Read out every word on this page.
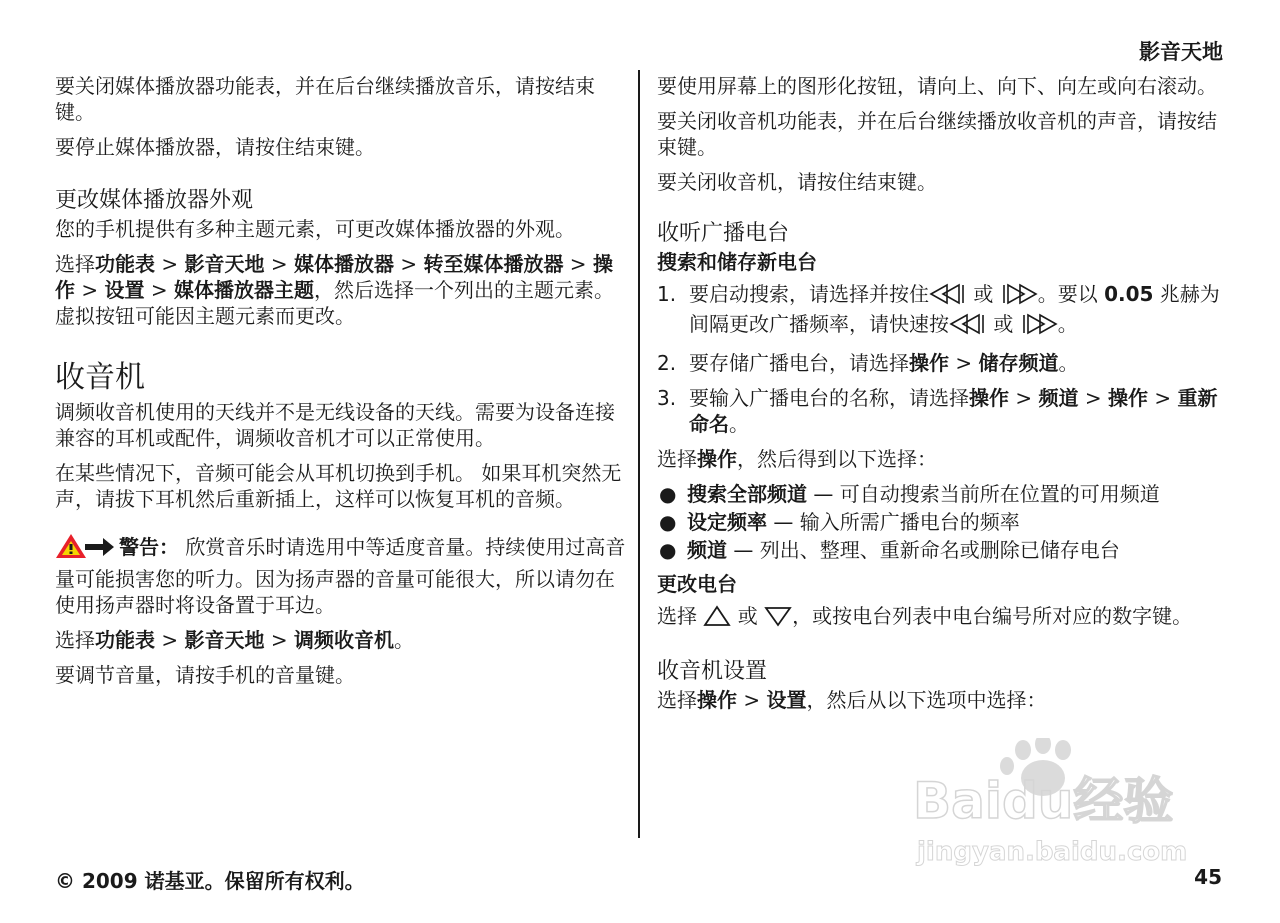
影音天地

要关闭媒体播放器功能表，并在后台继续播放音乐，请按结束键。

要停止媒体播放器，请按住结束键。

更改媒体播放器外观

您的手机提供有多种主题元素，可更改媒体播放器的外观。

选择功能表 > 影音天地 > 媒体播放器 > 转至媒体播放器 > 操作 > 设置 > 媒体播放器主题，然后选择一个列出的主题元素。虚拟按钮可能因主题元素而更改。

收音机

调频收音机使用的天线并不是无线设备的天线。需要为设备连接兼容的耳机或配件，调频收音机才可以正常使用。

在某些情况下，音频可能会从耳机切换到手机。 如果耳机突然无声，请拔下耳机然后重新插上，这样可以恢复耳机的音频。

警告： 欣赏音乐时请选用中等适度音量。持续使用过高音量可能损害您的听力。因为扬声器的音量可能很大，所以请勿在使用扬声器时将设备置于耳边。

选择功能表 > 影音天地 > 调频收音机。

要调节音量，请按手机的音量键。

要使用屏幕上的图形化按钮，请向上、向下、向左或向右滚动。

要关闭收音机功能表，并在后台继续播放收音机的声音，请按结束键。

要关闭收音机，请按住结束键。

收听广播电台
搜索和储存新电台
1. 要启动搜索，请选择并按住 或 。要以 0.05 兆赫为间隔更改广播频率，请快速按 或 。
2. 要存储广播电台，请选择操作 > 储存频道。
3. 要输入广播电台的名称，请选择操作 > 频道 > 操作 > 重新命名。

选择操作，然后得到以下选择：

● 搜索全部频道 — 可自动搜索当前所在位置的可用频道
● 设定频率 — 输入所需广播电台的频率
● 频道 — 列出、整理、重新命名或删除已储存电台
更改电台

选择  或 ，或按电台列表中电台编号所对应的数字键。

收音机设置

选择操作 > 设置，然后从以下选项中选择：

Baidu经验
jingyan.baidu.com
© 2009 诺基亚。保留所有权利。	45
